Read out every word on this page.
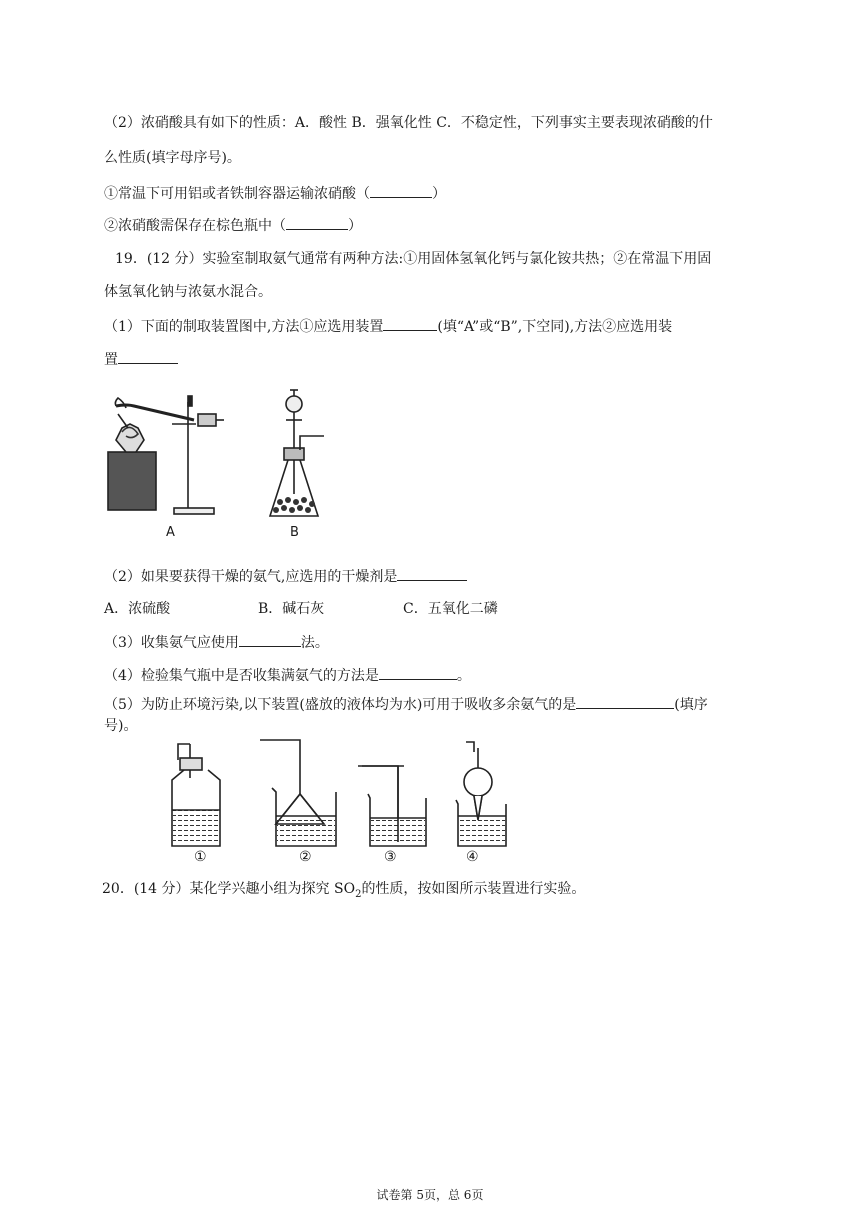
（2）浓硝酸具有如下的性质：A．酸性 B．强氧化性 C．不稳定性，下列事实主要表现浓硝酸的什
么性质(填字母序号)。
①常温下可用铝或者铁制容器运输浓硝酸（	）
②浓硝酸需保存在棕色瓶中（	）
19．(12 分）实验室制取氨气通常有两种方法:①用固体氢氧化钙与氯化铵共热；②在常温下用固
体氢氧化钠与浓氨水混合。
（1）下面的制取装置图中,方法①应选用装置	(填“A”或“B”,下空同),方法②应选用装
置
A	B
（2）如果要获得干燥的氨气,应选用的干燥剂是
A．浓硫酸	B．碱石灰	C．五氧化二磷
（3）收集氨气应使用	法。
（4）检验集气瓶中是否收集满氨气的方法是	。
（5）为防止环境污染,以下装置(盛放的液体均为水)可用于吸收多余氨气的是	(填序
号)。
①	②	③	④
20．(14 分）某化学兴趣小组为探究 $SO_2$的性质，按如图所示装置进行实验。
试卷第 5页，总 6页
